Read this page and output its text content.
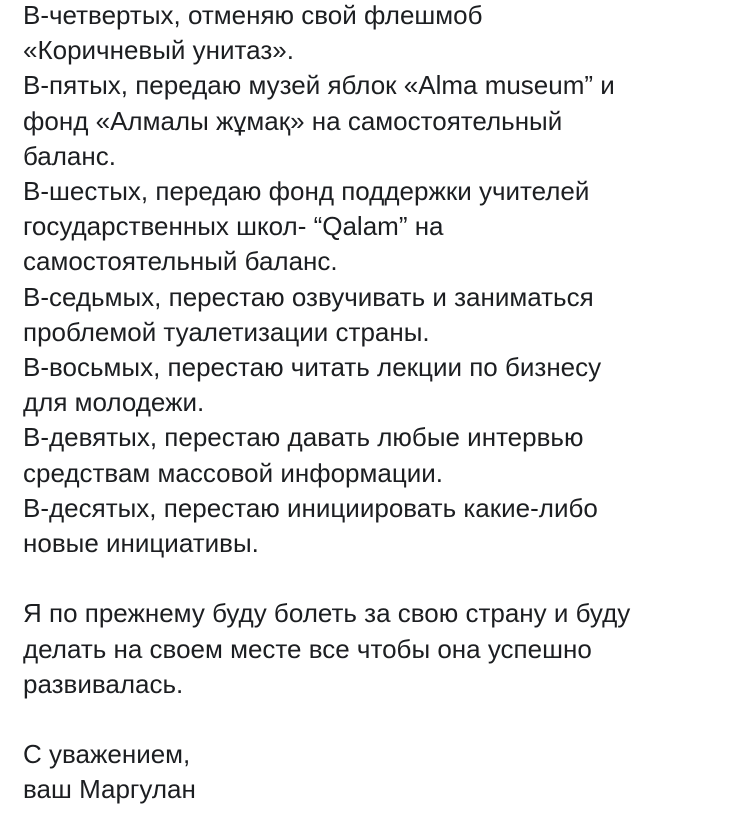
В-четвертых, отменяю свой флешмоб
«Коричневый унитаз».
В-пятых, передаю музей яблок «Alma museum” и
фонд «Алмалы жұмақ» на самостоятельный
баланс.
В-шестых, передаю фонд поддержки учителей
государственных школ- “Qalam” на
самостоятельный баланс.
В-седьмых, перестаю озвучивать и заниматься
проблемой туалетизации страны.
В-восьмых, перестаю читать лекции по бизнесу
для молодежи.
В-девятых, перестаю давать любые интервью
средствам массовой информации.
В-десятых, перестаю инициировать какие-либо
новые инициативы.
Я по прежнему буду болеть за свою страну и буду
делать на своем месте все чтобы она успешно
развивалась.
С уважением,
ваш Маргулан
